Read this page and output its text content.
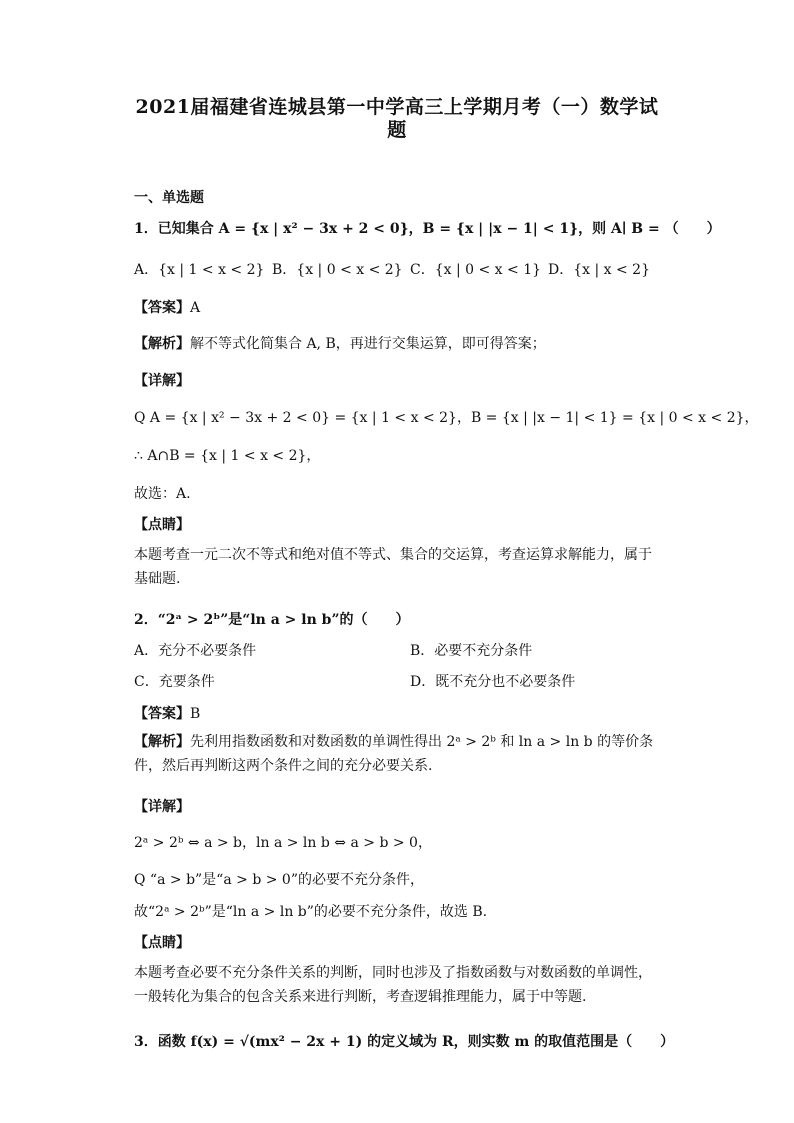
2021届福建省连城县第一中学高三上学期月考（一）数学试
题
一、单选题
1．已知集合 A = {x | x² − 3x + 2 < 0}，B = {x | |x − 1| < 1}，则 A∣ B = （　　）
A．{x | 1 < x < 2} B．{x | 0 < x < 2} C．{x | 0 < x < 1} D．{x | x < 2}
【答案】A
【解析】解不等式化简集合 A, B，再进行交集运算，即可得答案；
【详解】
Q A = {x | x² − 3x + 2 < 0} = {x | 1 < x < 2}，B = {x | |x − 1| < 1} = {x | 0 < x < 2}，
∴ A∩B = {x | 1 < x < 2}，
故选：A.
【点睛】
本题考查一元二次不等式和绝对值不等式、集合的交运算，考查运算求解能力，属于基础题.
2．“2ᵃ > 2ᵇ”是“ln a > ln b”的（　　）
A．充分不必要条件	B．必要不充分条件
C．充要条件	D．既不充分也不必要条件
【答案】B
【解析】先利用指数函数和对数函数的单调性得出 2ᵃ > 2ᵇ 和 ln a > ln b 的等价条件，然后再判断这两个条件之间的充分必要关系.
【详解】
2ᵃ > 2ᵇ ⇔ a > b，ln a > ln b ⇔ a > b > 0，
Q “a > b”是“a > b > 0”的必要不充分条件，
故“2ᵃ > 2ᵇ”是“ln a > ln b”的必要不充分条件，故选 B.
【点睛】
本题考查必要不充分条件关系的判断，同时也涉及了指数函数与对数函数的单调性，一般转化为集合的包含关系来进行判断，考查逻辑推理能力，属于中等题.
3．函数 f(x) = √(mx² − 2x + 1) 的定义域为 R，则实数 m 的取值范围是（　　）
